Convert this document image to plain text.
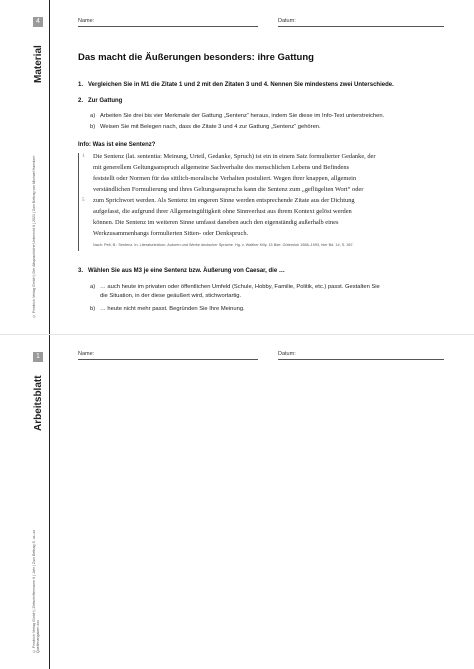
4
Material
© Friedrich Verlag GmbH | Der Altsprachliche Unterricht 6 | 2021 | Zum Beitrag von Michael Hamdorn
Name:	Datum:
Das macht die Äußerungen besonders: ihre Gattung
1. Vergleichen Sie in M1 die Zitate 1 und 2 mit den Zitaten 3 und 4. Nennen Sie mindestens zwei Unterschiede.
2. Zur Gattung
a) Arbeiten Sie drei bis vier Merkmale der Gattung „Sentenz“ heraus, indem Sie diese im Info-Text unterstreichen.
b) Weisen Sie mit Belegen nach, dass die Zitate 3 und 4 zur Gattung „Sentenz“ gehören.
Info: Was ist eine Sentenz?
1
5
Die Sentenz (lat. sententia: Meinung, Urteil, Gedanke, Spruch) ist ein in einem Satz formulierter Gedanke, der
mit generellem Geltungsanspruch allgemeine Sachverhalte des menschlichen Lebens und Befindens
feststellt oder Normen für das sittlich-moralische Verhalten postuliert. Wegen ihrer knappen, allgemein
verständlichen Formulierung und ihres Geltungsanspruchs kann die Sentenz zum „geflügelten Wort“ oder
zum Sprichwort werden. Als Sentenz im engeren Sinne werden entsprechende Zitate aus der Dichtung
aufgefasst, die aufgrund ihrer Allgemeingültigkeit ohne Sinnverlust aus ihrem Kontext gelöst werden
können. Die Sentenz im weiteren Sinne umfasst daneben auch den eigenständig außerhalb eines
Werkzusammenhangs formulierten Sitten- oder Denkspruch.
Nach: Pelt, B.: Sentenz. In: Literaturlexikon. Autoren und Werke deutscher Sprache. Hg. v. Walther Killy. 15 Bde. Gütersloh 1988–1993, hier Bd. 14, S. 367.
3. Wählen Sie aus M3 je eine Sentenz bzw. Äußerung von Caesar, die …
a) … auch heute im privaten oder öffentlichen Umfeld (Schule, Hobby, Familie, Politik, etc.) passt. Gestalten Sie
die Situation, in der diese geäußert wird, stichwortartig.
b) … heute nicht mehr passt. Begründen Sie Ihre Meinung.
1
Arbeitsblatt
© Friedrich Verlag GmbH | Zeitschriftenname 6 | Jahr | Zum Beitrag S. xx–xx
Quellenangaben xxx
Name:	Datum:
